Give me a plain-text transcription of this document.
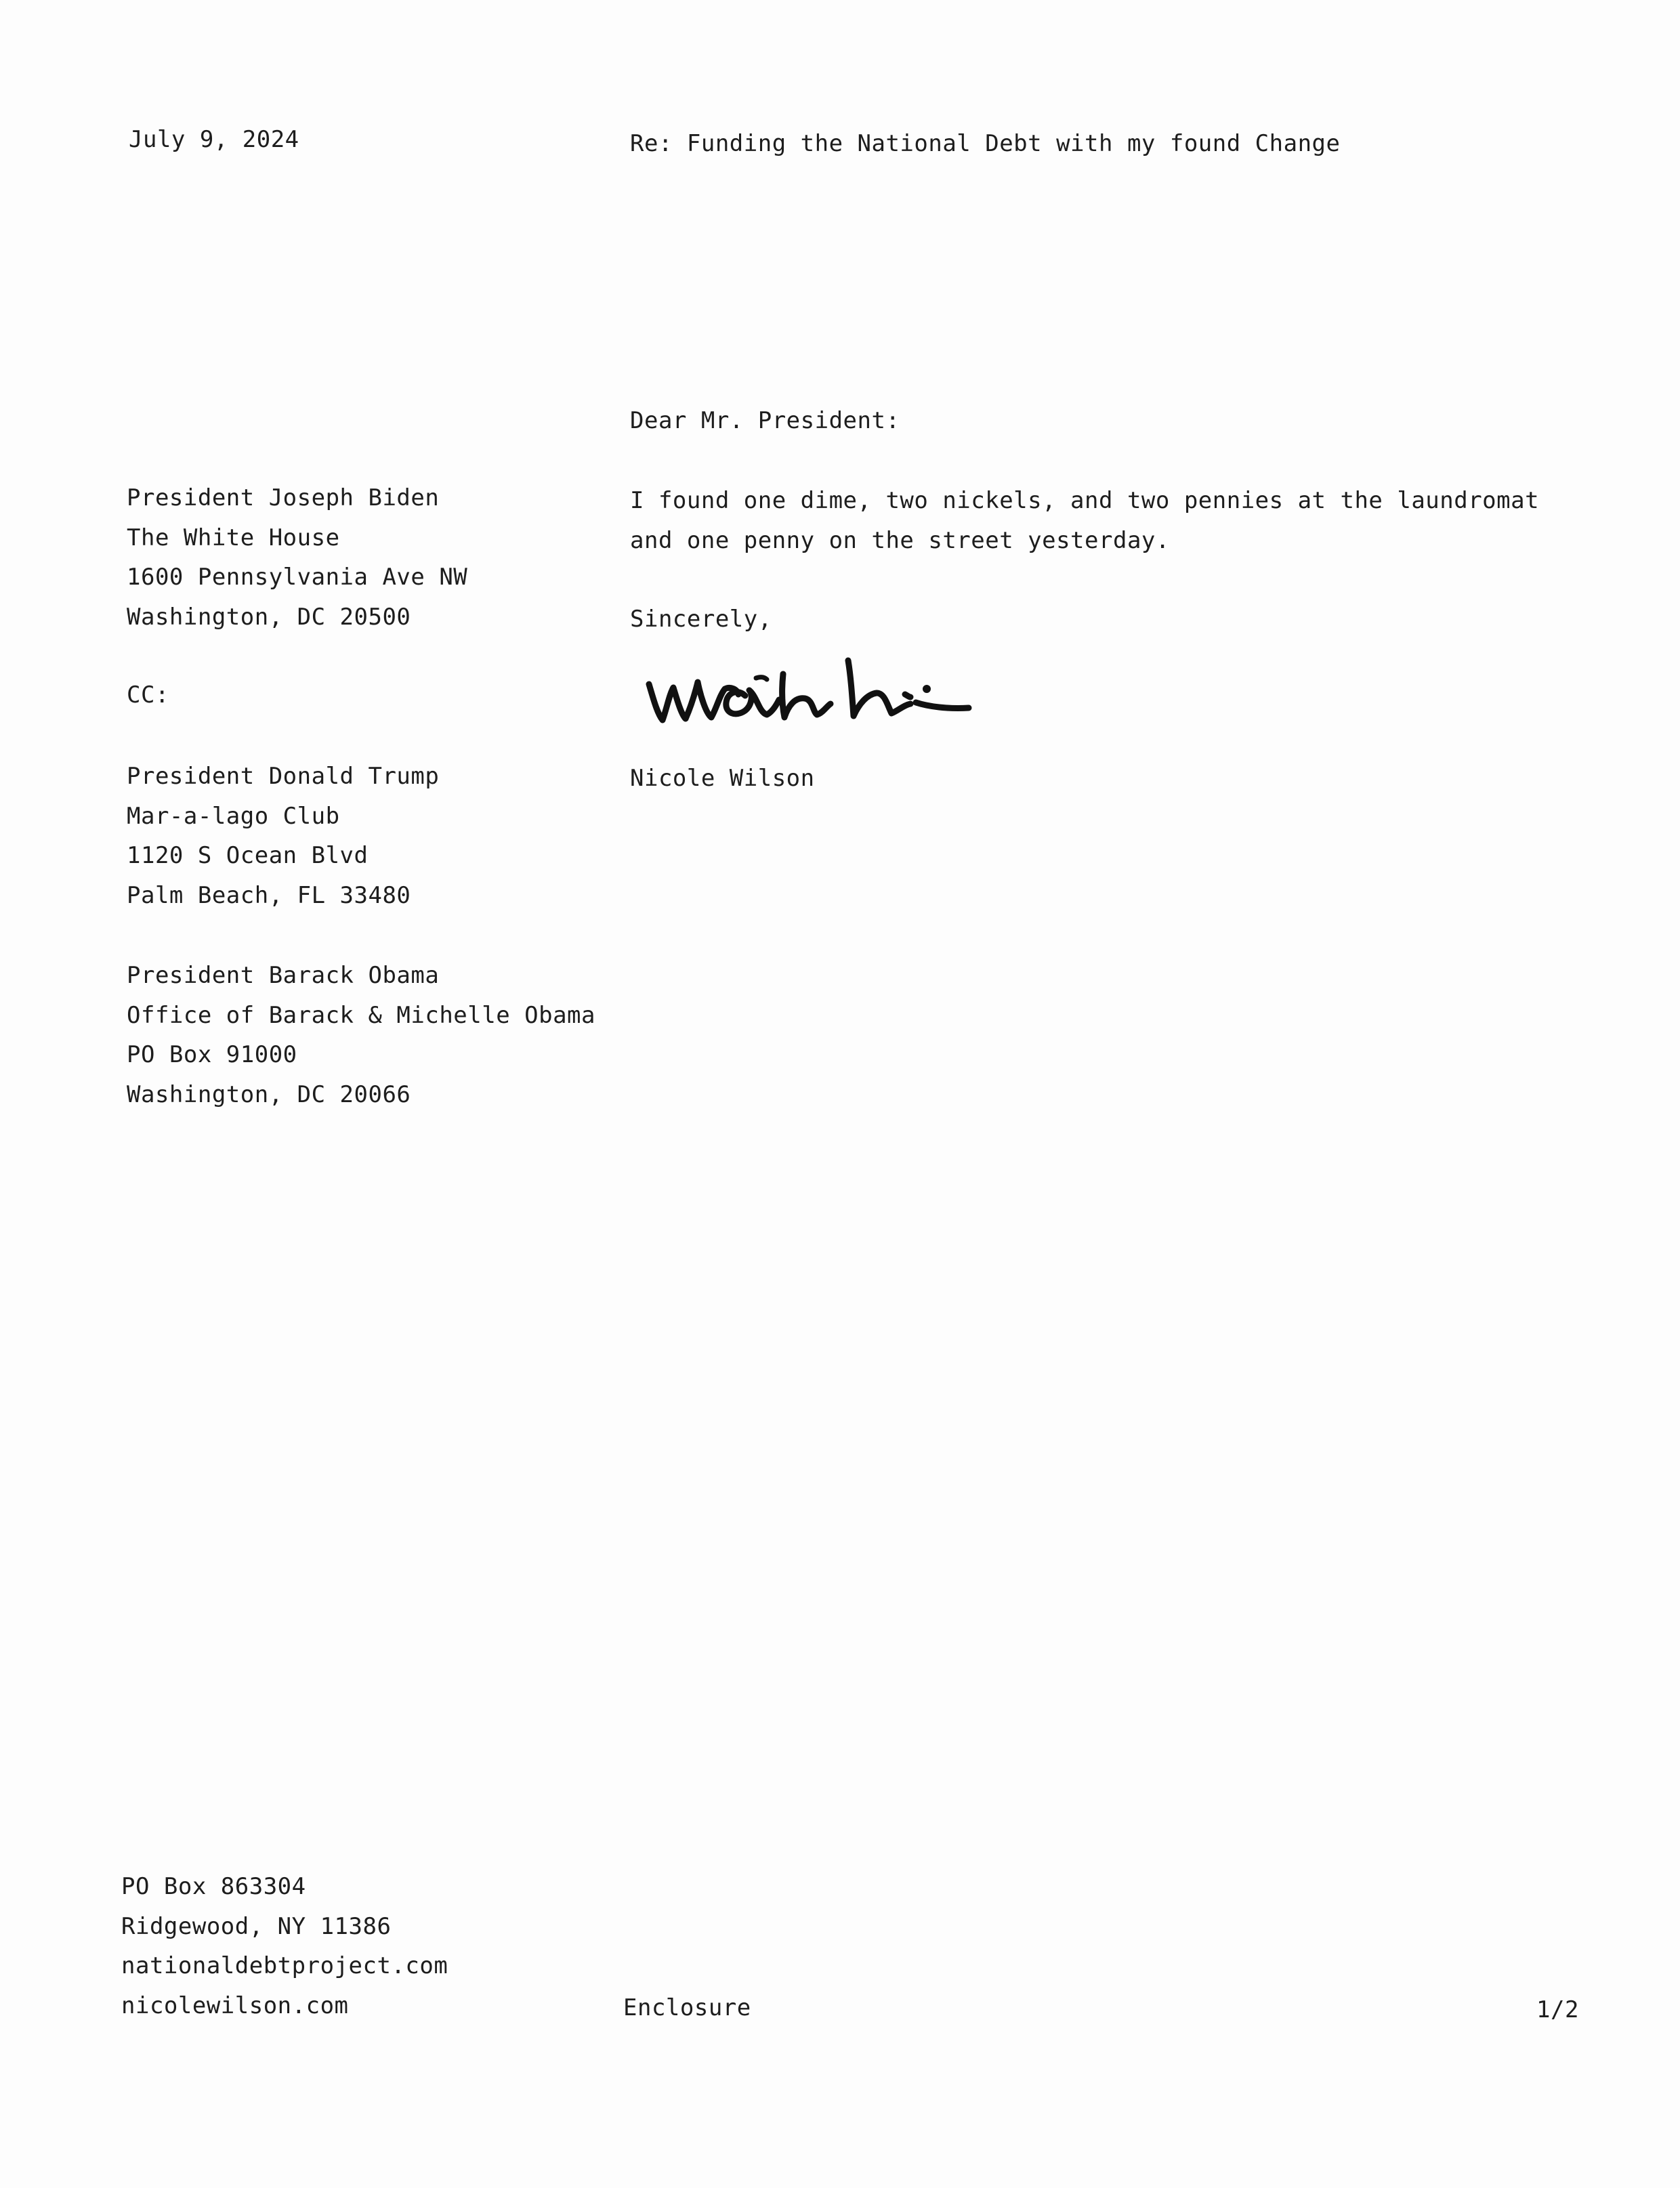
July 9, 2024	Re: Funding the National Debt with my found Change
Dear Mr. President:
President Joseph Biden
The White House
1600 Pennsylvania Ave NW
Washington, DC 20500
I found one dime, two nickels, and two pennies at the laundromat
and one penny on the street yesterday.
Sincerely,
CC:
Nicole Wilson
President Donald Trump
Mar-a-lago Club
1120 S Ocean Blvd
Palm Beach, FL 33480
President Barack Obama
Office of Barack & Michelle Obama
PO Box 91000
Washington, DC 20066
PO Box 863304
Ridgewood, NY 11386
nationaldebtproject.com
nicolewilson.com	Enclosure	1/2
